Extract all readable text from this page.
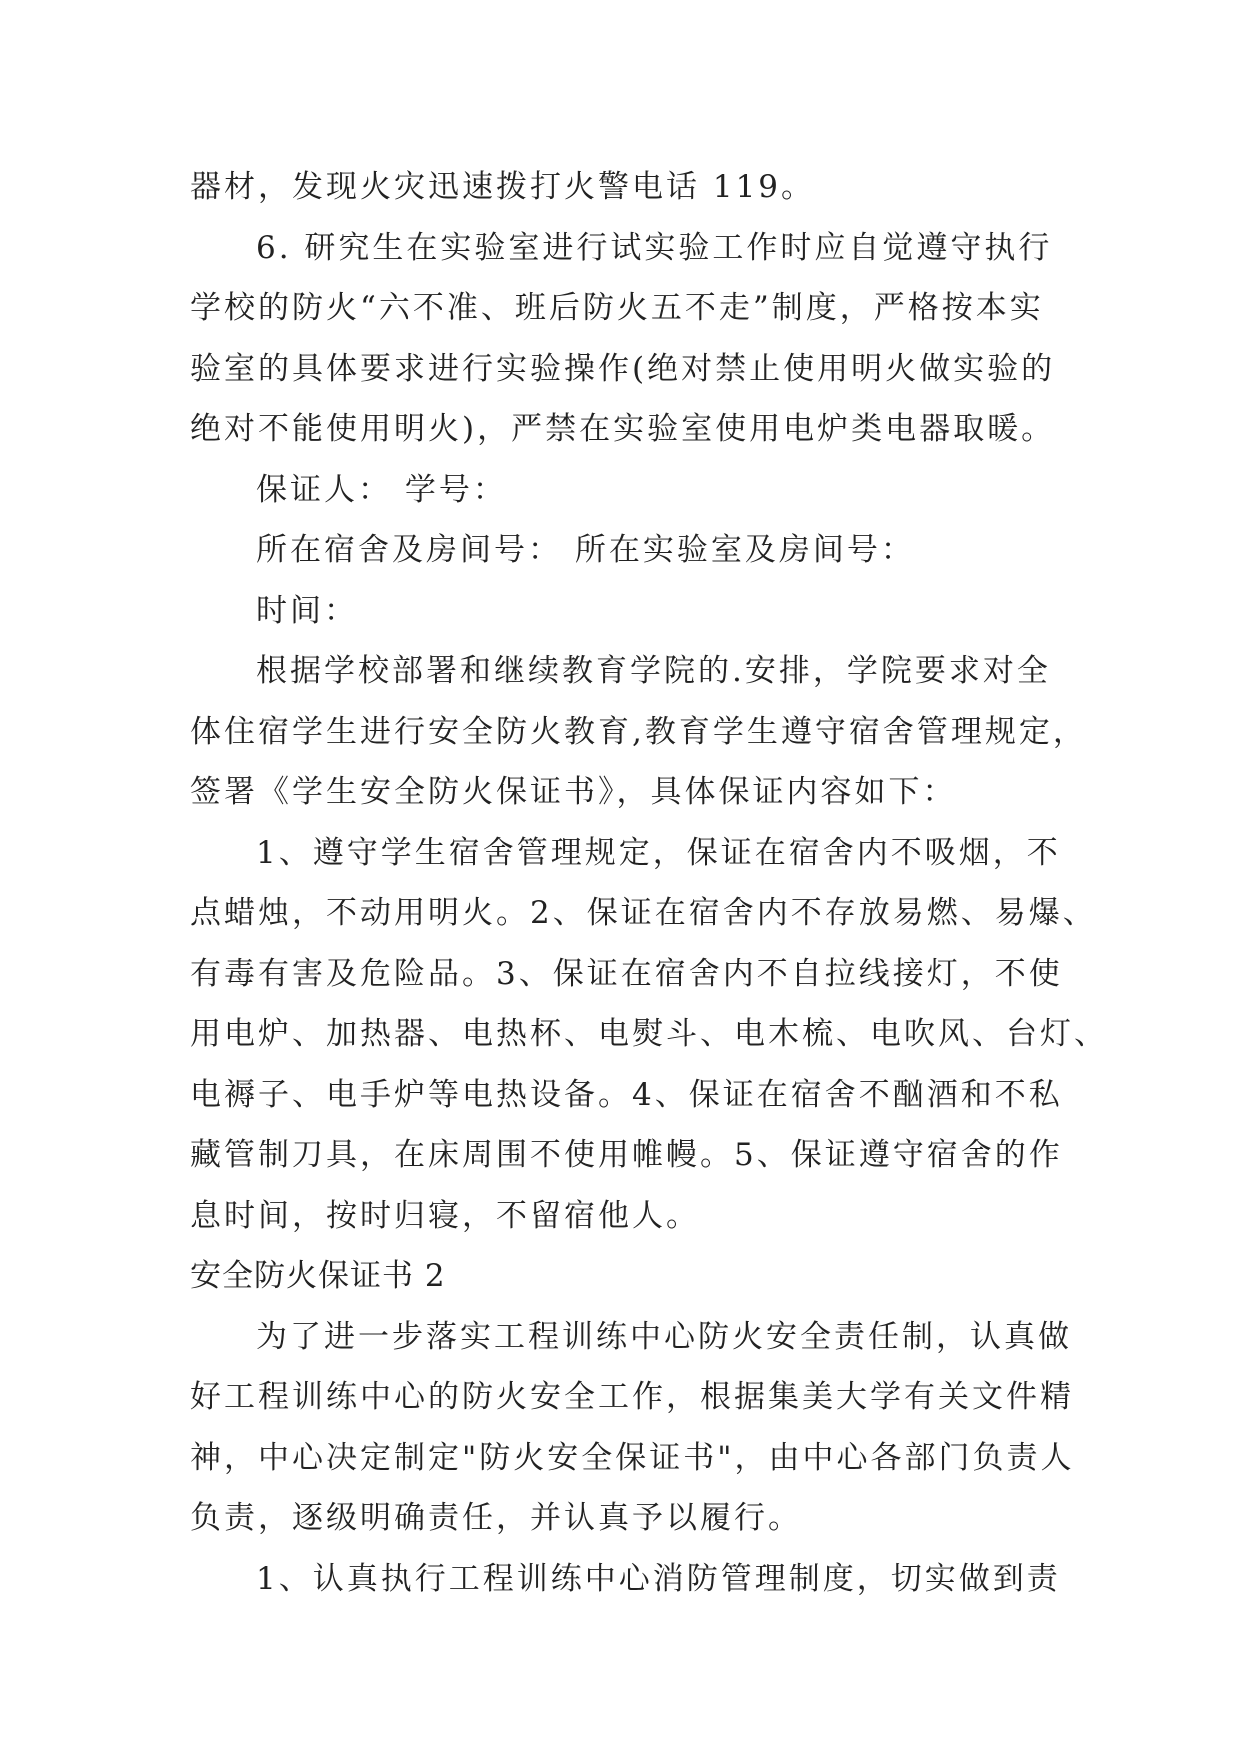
器材，发现火灾迅速拨打火警电话 119。
6. 研究生在实验室进行试实验工作时应自觉遵守执行
学校的防火“六不准、班后防火五不走”制度，严格按本实
验室的具体要求进行实验操作(绝对禁止使用明火做实验的
绝对不能使用明火)，严禁在实验室使用电炉类电器取暖。
保证人： 学号：
所在宿舍及房间号： 所在实验室及房间号：
时间：
根据学校部署和继续教育学院的.安排，学院要求对全
体住宿学生进行安全防火教育,教育学生遵守宿舍管理规定，
签署《学生安全防火保证书》，具体保证内容如下：
1、遵守学生宿舍管理规定，保证在宿舍内不吸烟，不
点蜡烛，不动用明火。2、保证在宿舍内不存放易燃、易爆、
有毒有害及危险品。3、保证在宿舍内不自拉线接灯，不使
用电炉、加热器、电热杯、电熨斗、电木梳、电吹风、台灯、
电褥子、电手炉等电热设备。4、保证在宿舍不酗酒和不私
藏管制刀具，在床周围不使用帷幔。5、保证遵守宿舍的作
息时间，按时归寝，不留宿他人。
安全防火保证书 2
为了进一步落实工程训练中心防火安全责任制，认真做
好工程训练中心的防火安全工作，根据集美大学有关文件精
神，中心决定制定"防火安全保证书"，由中心各部门负责人
负责，逐级明确责任，并认真予以履行。
1、认真执行工程训练中心消防管理制度，切实做到责
